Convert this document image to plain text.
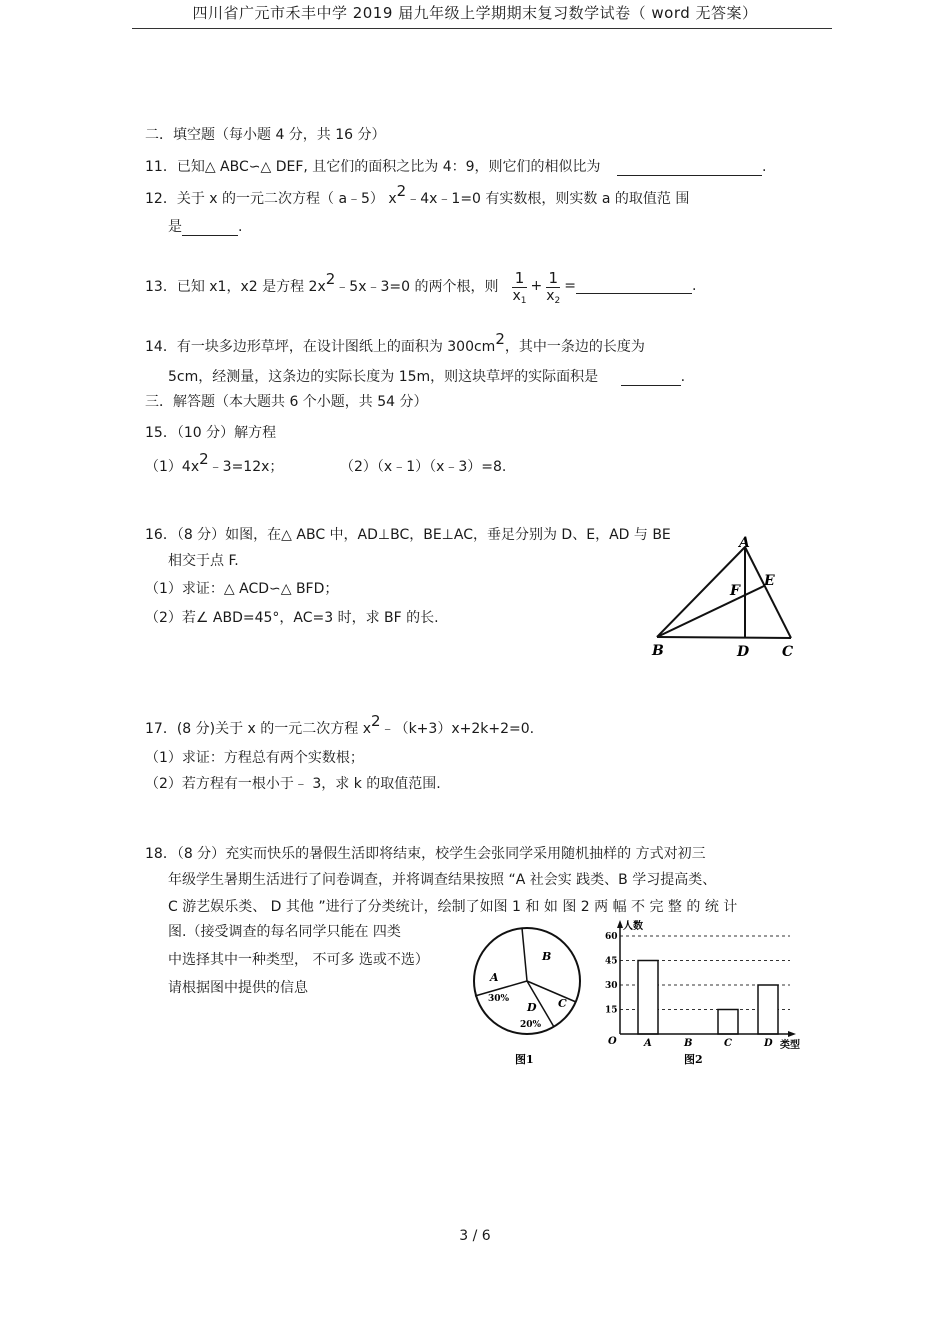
四川省广元市禾丰中学 2019 届九年级上学期期末复习数学试卷（ word 无答案）
二．填空题（每小题 4 分，共 16 分）
11．已知△ ABC∽△ DEF, 且它们的面积之比为 4：9，则它们的相似比为	.
12．关于 x 的一元二次方程（ a﹣5） x2﹣4x﹣1=0 有实数根，则实数 a 的取值范 围
是	.
13．已知 x1，x2 是方程 2x 2 ﹣5x﹣3=0 的两个根，则 $\frac{1}{x_1} + \frac{1}{x_2}$ =	.
14．有一块多边形草坪，在设计图纸上的面积为 300cm2，其中一条边的长度为
5cm，经测量，这条边的实际长度为 15m，则这块草坪的实际面积是	.
三．解答题（本大题共 6 个小题，共 54 分）
15．（10 分）解方程
（1）4x2﹣3=12x；	（2）（x﹣1）（x﹣3）=8.
16．（8 分）如图，在△ ABC 中，AD⊥BC，BE⊥AC，垂足分别为 D、E，AD 与 BE
相交于点 F.
（1）求证：△ ACD∽△ BFD；
（2）若∠ ABD=45°，AC=3 时，求 BF 的长.
A
B	C
D
E
F
17．(8 分)关于 x 的一元二次方程 x2﹣（k+3）x+2k+2=0.
（1）求证：方程总有两个实数根；
（2）若方程有一根小于﹣ 3，求 k 的取值范围.
18．（8 分）充实而快乐的暑假生活即将结束，校学生会张同学采用随机抽样的 方式对初三
年级学生暑期生活进行了问卷调查，并将调查结果按照 “A 社会实 践类、B 学习提高类、
C 游艺娱乐类、 D 其他 ”进行了分类统计，绘制了如图 1 和 如 图 2 两 幅 不 完 整 的 统 计
图.（接受调查的每名同学只能在 四类
中选择其中一种类型， 不可多 选或不选）
请根据图中提供的信息
A
30%
B
C
D
20%
图1
人数
类型
O
15
30
45
60
A	B	C	D
图2
3 / 6
